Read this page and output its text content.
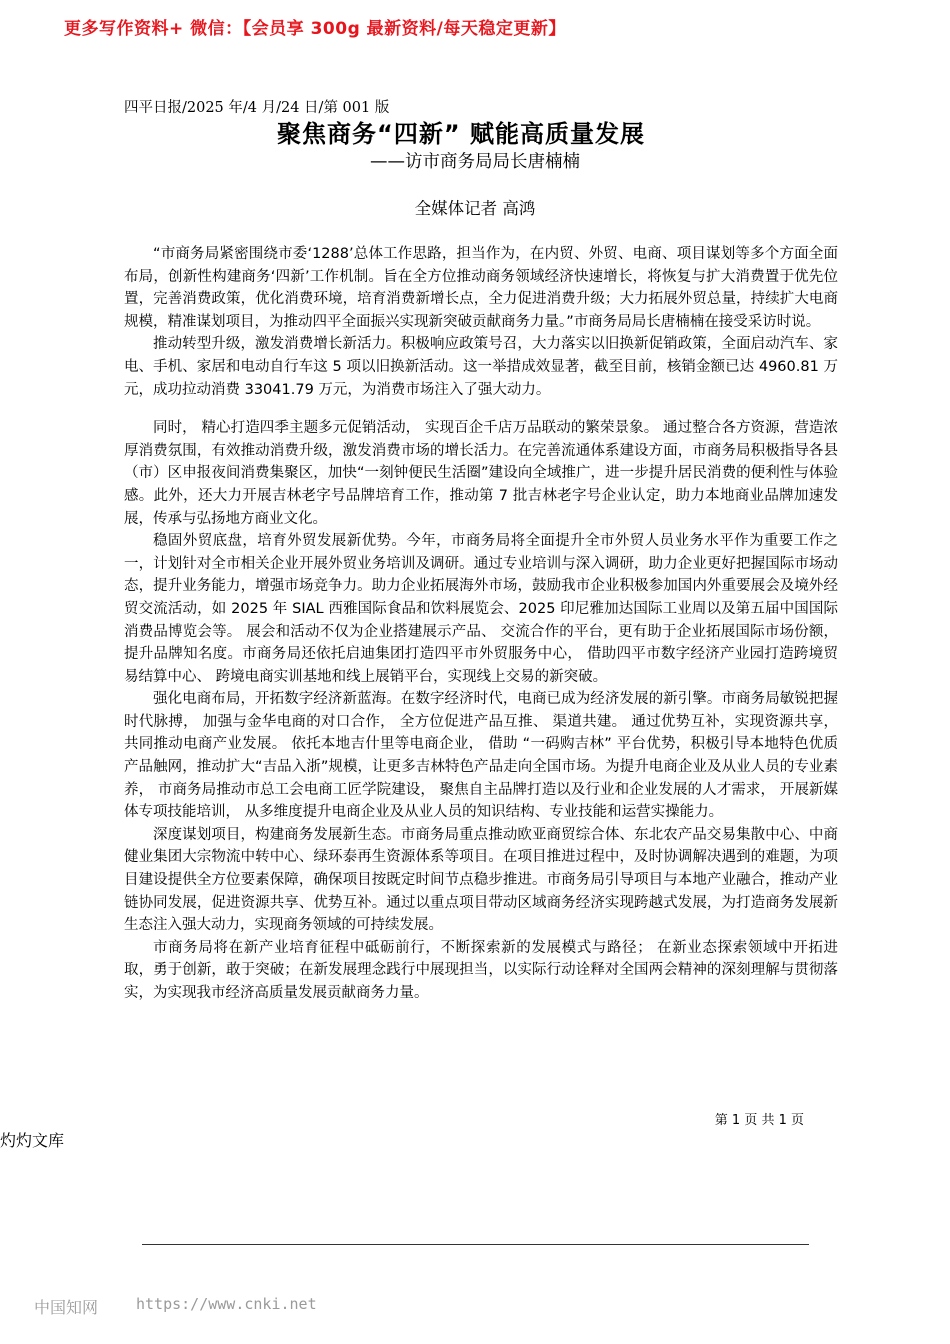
更多写作资料+ 微信：【会员享 300g 最新资料/每天稳定更新】
四平日报/2025 年/4 月/24 日/第 001 版
聚焦商务“四新” 赋能高质量发展
——访市商务局局长唐楠楠
全媒体记者 高鸿

“市商务局紧密围绕市委‘1288’总体工作思路，担当作为，在内贸、外贸、电商、项目谋划等多个方面全面布局，创新性构建商务‘四新’工作机制。旨在全方位推动商务领域经济快速增长，将恢复与扩大消费置于优先位置，完善消费政策，优化消费环境，培育消费新增长点，全力促进消费升级；大力拓展外贸总量，持续扩大电商规模，精准谋划项目，为推动四平全面振兴实现新突破贡献商务力量。”市商务局局长唐楠楠在接受采访时说。

推动转型升级，激发消费增长新活力。积极响应政策号召，大力落实以旧换新促销政策，全面启动汽车、家电、手机、家居和电动自行车这 5 项以旧换新活动。这一举措成效显著，截至目前，核销金额已达 4960.81 万元，成功拉动消费 33041.79 万元，为消费市场注入了强大动力。

同时， 精心打造四季主题多元促销活动， 实现百企千店万品联动的繁荣景象。 通过整合各方资源，营造浓厚消费氛围，有效推动消费升级，激发消费市场的增长活力。在完善流通体系建设方面，市商务局积极指导各县（市）区申报夜间消费集聚区，加快“一刻钟便民生活圈”建设向全域推广，进一步提升居民消费的便利性与体验感。此外，还大力开展吉林老字号品牌培育工作，推动第 7 批吉林老字号企业认定，助力本地商业品牌加速发展，传承与弘扬地方商业文化。

稳固外贸底盘，培育外贸发展新优势。今年，市商务局将全面提升全市外贸人员业务水平作为重要工作之一，计划针对全市相关企业开展外贸业务培训及调研。通过专业培训与深入调研，助力企业更好把握国际市场动态，提升业务能力，增强市场竞争力。助力企业拓展海外市场，鼓励我市企业积极参加国内外重要展会及境外经贸交流活动，如 2025 年 SIAL 西雅国际食品和饮料展览会、2025 印尼雅加达国际工业周以及第五届中国国际消费品博览会等。 展会和活动不仅为企业搭建展示产品、 交流合作的平台，更有助于企业拓展国际市场份额，提升品牌知名度。市商务局还依托启迪集团打造四平市外贸服务中心， 借助四平市数字经济产业园打造跨境贸易结算中心、 跨境电商实训基地和线上展销平台，实现线上交易的新突破。

强化电商布局，开拓数字经济新蓝海。在数字经济时代，电商已成为经济发展的新引擎。市商务局敏锐把握时代脉搏， 加强与金华电商的对口合作， 全方位促进产品互推、 渠道共建。 通过优势互补，实现资源共享， 共同推动电商产业发展。 依托本地吉什里等电商企业， 借助 “一码购吉林” 平台优势，积极引导本地特色优质产品触网，推动扩大“吉品入浙”规模，让更多吉林特色产品走向全国市场。为提升电商企业及从业人员的专业素养， 市商务局推动市总工会电商工匠学院建设， 聚焦自主品牌打造以及行业和企业发展的人才需求， 开展新媒体专项技能培训， 从多维度提升电商企业及从业人员的知识结构、专业技能和运营实操能力。

深度谋划项目，构建商务发展新生态。市商务局重点推动欧亚商贸综合体、东北农产品交易集散中心、中商健业集团大宗物流中转中心、绿环泰再生资源体系等项目。在项目推进过程中，及时协调解决遇到的难题，为项目建设提供全方位要素保障，确保项目按既定时间节点稳步推进。市商务局引导项目与本地产业融合，推动产业链协同发展，促进资源共享、优势互补。通过以重点项目带动区域商务经济实现跨越式发展，为打造商务发展新生态注入强大动力，实现商务领域的可持续发展。

市商务局将在新产业培育征程中砥砺前行，不断探索新的发展模式与路径； 在新业态探索领域中开拓进取，勇于创新，敢于突破；在新发展理念践行中展现担当，以实际行动诠释对全国两会精神的深刻理解与贯彻落实，为实现我市经济高质量发展贡献商务力量。

第 1 页 共 1 页
灼灼文库
中国知网	https://www.cnki.net
